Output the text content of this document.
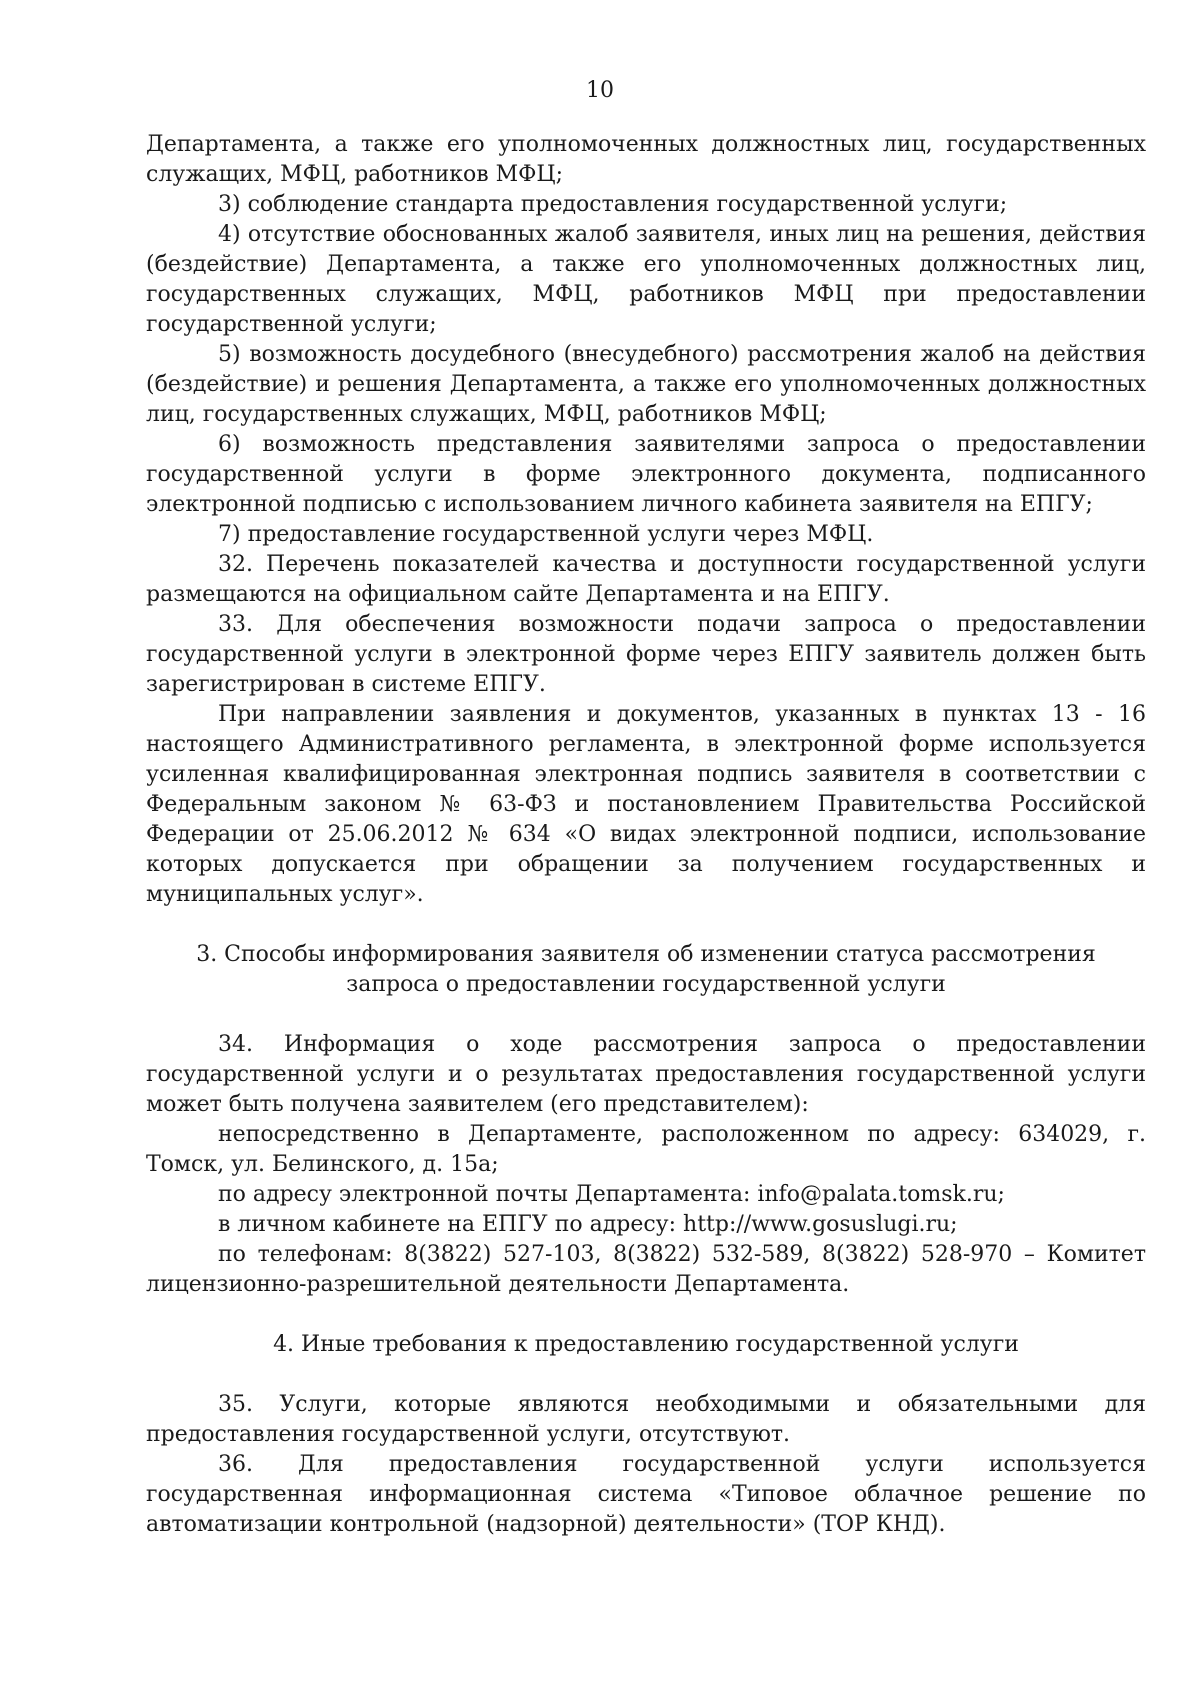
10

Департамента, а также его уполномоченных должностных лиц, государственных служащих, МФЦ, работников МФЦ;

3) соблюдение стандарта предоставления государственной услуги;

4) отсутствие обоснованных жалоб заявителя, иных лиц на решения, действия (бездействие) Департамента, а также его уполномоченных должностных лиц, государственных служащих, МФЦ, работников МФЦ при предоставлении государственной услуги;

5) возможность досудебного (внесудебного) рассмотрения жалоб на действия (бездействие) и решения Департамента, а также его уполномоченных должностных лиц, государственных служащих, МФЦ, работников МФЦ;

6) возможность представления заявителями запроса о предоставлении государственной услуги в форме электронного документа, подписанного электронной подписью с использованием личного кабинета заявителя на ЕПГУ;

7) предоставление государственной услуги через МФЦ.

32. Перечень показателей качества и доступности государственной услуги размещаются на официальном сайте Департамента и на ЕПГУ.

33. Для обеспечения возможности подачи запроса о предоставлении государственной услуги в электронной форме через ЕПГУ заявитель должен быть зарегистрирован в системе ЕПГУ.

При направлении заявления и документов, указанных в пунктах 13 - 16 настоящего Административного регламента, в электронной форме используется усиленная квалифицированная электронная подпись заявителя в соответствии с Федеральным законом № 63-ФЗ и постановлением Правительства Российской Федерации от 25.06.2012 № 634 «О видах электронной подписи, использование которых допускается при обращении за получением государственных и муниципальных услуг».

3. Способы информирования заявителя об изменении статуса рассмотрения запроса о предоставлении государственной услуги

34. Информация о ходе рассмотрения запроса о предоставлении государственной услуги и о результатах предоставления государственной услуги может быть получена заявителем (его представителем):

непосредственно в Департаменте, расположенном по адресу: 634029, г. Томск, ул. Белинского, д. 15а;

по адресу электронной почты Департамента: info@palata.tomsk.ru;

в личном кабинете на ЕПГУ по адресу: http://www.gosuslugi.ru;

по телефонам: 8(3822) 527-103, 8(3822) 532-589, 8(3822) 528-970 – Комитет лицензионно-разрешительной деятельности Департамента.

4. Иные требования к предоставлению государственной услуги

35. Услуги, которые являются необходимыми и обязательными для предоставления государственной услуги, отсутствуют.

36. Для предоставления государственной услуги используется государственная информационная система «Типовое облачное решение по автоматизации контрольной (надзорной) деятельности» (ТОР КНД).
